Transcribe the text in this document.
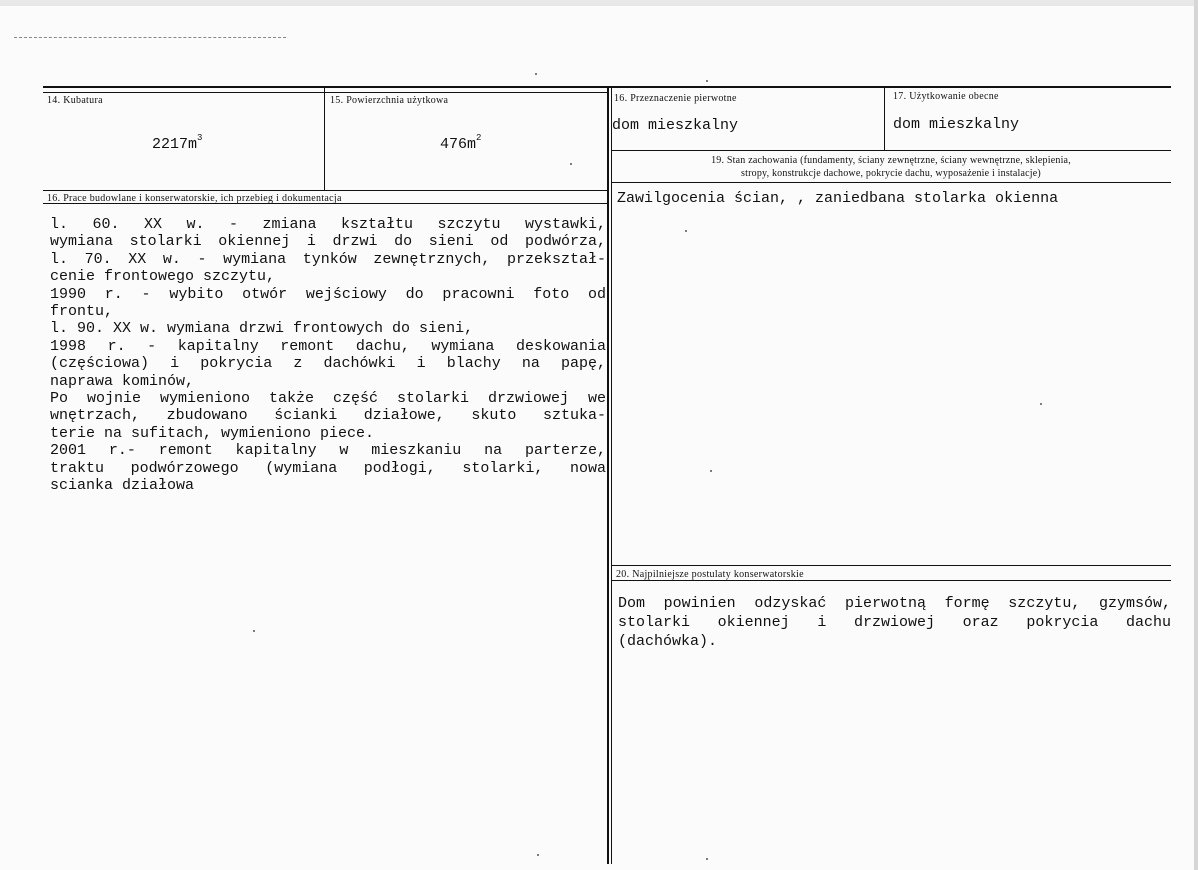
14. Kubatura
$2217m^3$
15. Powierzchnia użytkowa
$476m^2$
16. Przeznaczenie pierwotne
dom mieszkalny
17. Użytkowanie obecne
dom mieszkalny
16. Prace budowlane i konserwatorskie, ich przebieg i dokumentacja
l. 60. XX w. - zmiana kształtu szczytu wystawki,
wymiana stolarki okiennej i drzwi do sieni od podwórza,
l. 70. XX w. - wymiana tynków zewnętrznych, przekształ-
cenie frontowego szczytu,
1990 r. - wybito otwór wejściowy do pracowni foto od
frontu,
l. 90. XX w. wymiana drzwi frontowych do sieni,
1998 r. - kapitalny remont dachu, wymiana deskowania
(częściowa) i pokrycia z dachówki i blachy na papę,
naprawa kominów,
Po wojnie wymieniono także część stolarki drzwiowej we
wnętrzach, zbudowano ścianki działowe, skuto sztuka-
terie na sufitach, wymieniono piece.
2001 r.- remont kapitalny w mieszkaniu na parterze,
traktu podwórzowego (wymiana podłogi, stolarki, nowa
scianka działowa
19. Stan zachowania (fundamenty, ściany zewnętrzne, ściany wewnętrzne, sklepienia,
stropy, konstrukcje dachowe, pokrycie dachu, wyposażenie i instalacje)
Zawilgocenia ścian, , zaniedbana stolarka okienna
20. Najpilniejsze postulaty konserwatorskie
Dom powinien odzyskać pierwotną formę szczytu, gzymsów,
stolarki okiennej i drzwiowej oraz pokrycia dachu
(dachówka).
